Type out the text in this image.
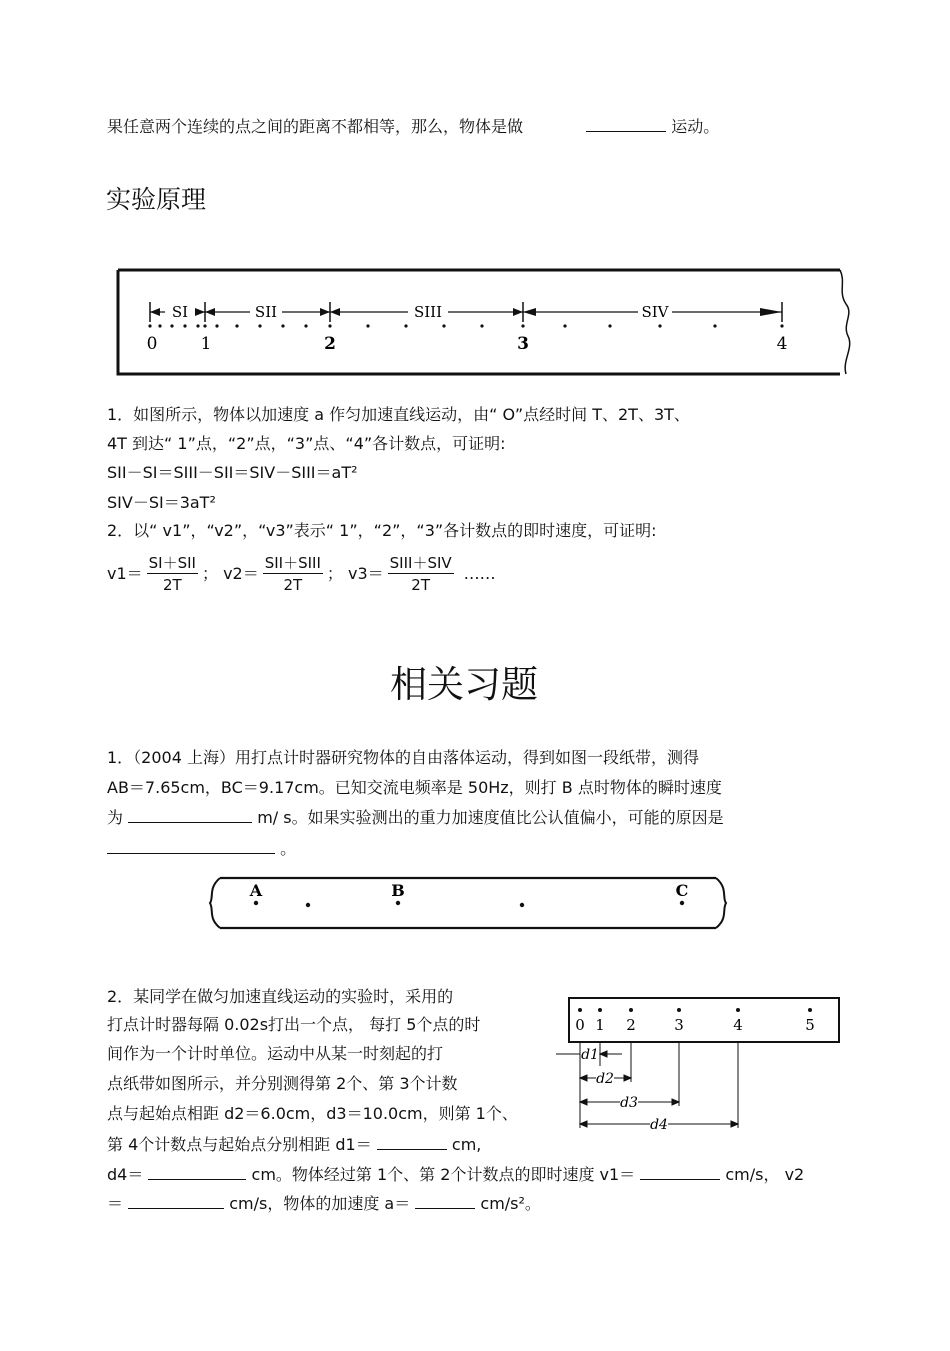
果任意两个连续的点之间的距离不都相等，那么，物体是做	运动。
实验原理
SI	SII	SIII	SIV
0	1	2	3	4
1．如图所示，物体以加速度 a 作匀加速直线运动，由“ O”点经时间 T、2T、3T、
4T 到达“ 1”点，“2”点，“3”点、“4”各计数点，可证明:
SII－SI＝SIII－SII＝SIV－SIII＝aT²
SIV－SI＝3aT²
2．以“ v1”，“v2”，“v3”表示“ 1”，“2”，“3”各计数点的即时速度，可证明:
$v1= \frac{\text{SI＋SII}}{2T}$ ； $v2= \frac{\text{SII＋SIII}}{2T}$ ； $v3= \frac{\text{SIII＋SIV}}{2T}$ ……
相关习题
1．（2004 上海）用打点计时器研究物体的自由落体运动，得到如图一段纸带，测得
AB＝7.65cm，BC＝9.17cm。已知交流电频率是 50Hz，则打 B 点时物体的瞬时速度
为	m/ s。如果实验测出的重力加速度值比公认值偏小，可能的原因是
。
A	B	C
2．某同学在做匀加速直线运动的实验时，采用的
打点计时器每隔 0.02s打出一个点， 每打 5个点的时
间作为一个计时单位。运动中从某一时刻起的打
点纸带如图所示，并分别测得第 2个、第 3个计数
点与起始点相距 d2＝6.0cm，d3＝10.0cm，则第 1个、
第 4个计数点与起始点分别相距 d1＝	cm,
d4＝	cm。物体经过第 1个、第 2个计数点的即时速度 v1＝	cm/s， v2
＝	cm/s，物体的加速度 a＝	cm/s²。
0 1 2	3	4	5
d1
d2
d3
d4
